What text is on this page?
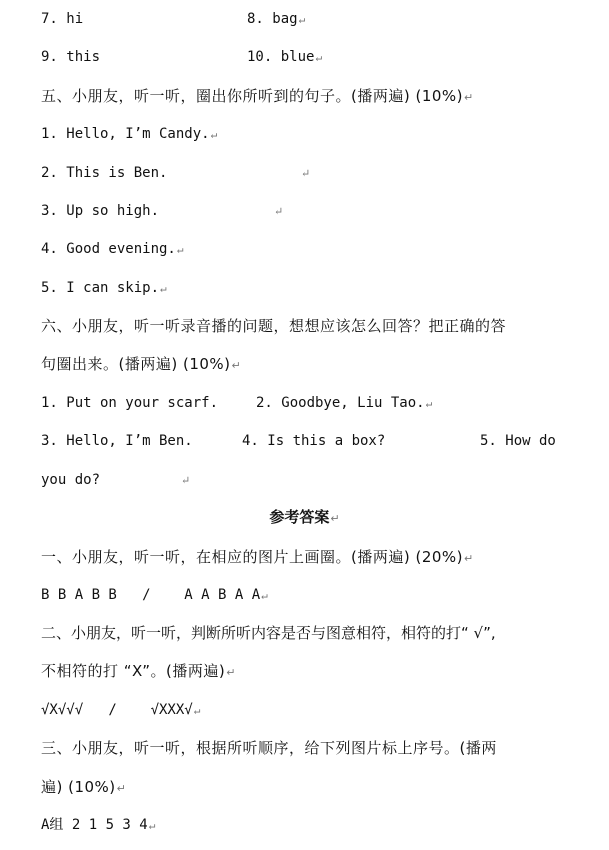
7. hi	8. bag↵
9. this	10. blue↵
五、小朋友，听一听，圈出你所听到的句子。(播两遍) (10%)↵
1. Hello, I’m Candy.↵
2. This is Ben.	↵
3. Up so high.	↵
4. Good evening.↵
5. I can skip.↵
六、小朋友，听一听录音播的问题，想想应该怎么回答？把正确的答
句圈出来。(播两遍) (10%)↵
1. Put on your scarf.	2. Goodbye, Liu Tao.↵
3. Hello, I’m Ben.	4. Is this a box?	5. How do
you do?	↵
参考答案↵
一、小朋友，听一听，在相应的图片上画圈。(播两遍) (20%)↵
B B A B B   /    A A B A A↵
二、小朋友，听一听，判断所听内容是否与图意相符，相符的打“ √”,
不相符的打 “X”。(播两遍)↵
√X√√√   /    √XXX√↵
三、小朋友，听一听，根据所听顺序，给下列图片标上序号。(播两
遍) (10%)↵
A组 2 1 5 3 4↵
